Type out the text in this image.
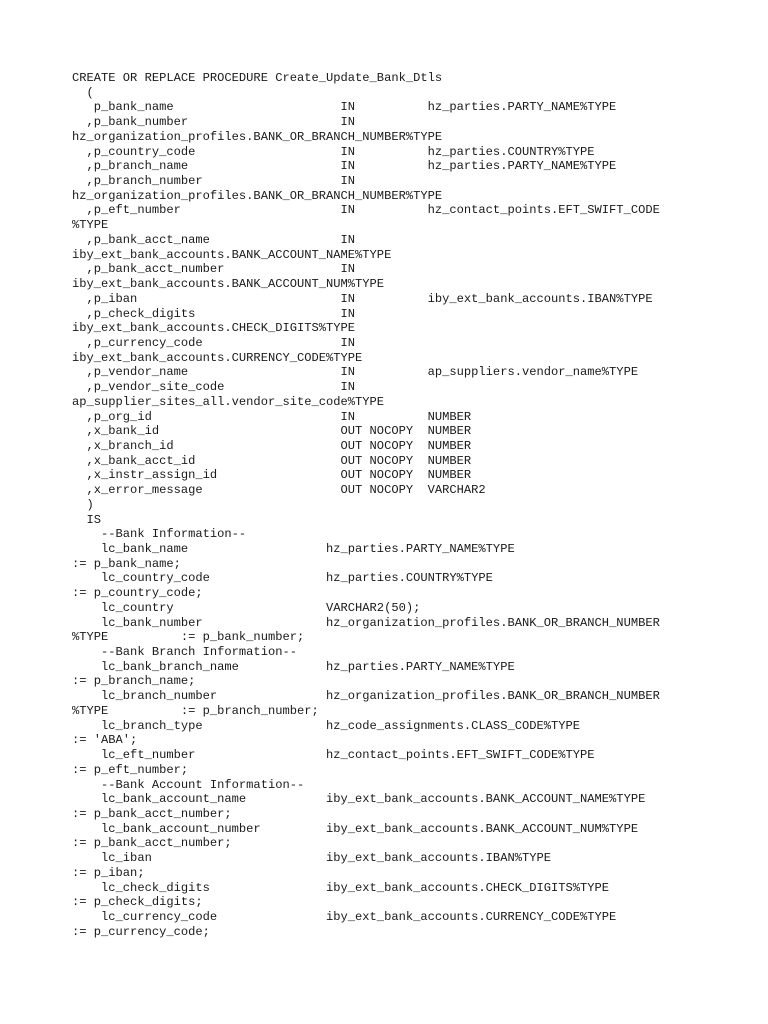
CREATE OR REPLACE PROCEDURE Create_Update_Bank_Dtls
(
p_bank_name                       IN          hz_parties.PARTY_NAME%TYPE
,p_bank_number                     IN
hz_organization_profiles.BANK_OR_BRANCH_NUMBER%TYPE
,p_country_code                    IN          hz_parties.COUNTRY%TYPE
,p_branch_name                     IN          hz_parties.PARTY_NAME%TYPE
,p_branch_number                   IN
hz_organization_profiles.BANK_OR_BRANCH_NUMBER%TYPE
,p_eft_number                      IN          hz_contact_points.EFT_SWIFT_CODE
%TYPE
,p_bank_acct_name                  IN
iby_ext_bank_accounts.BANK_ACCOUNT_NAME%TYPE
,p_bank_acct_number                IN
iby_ext_bank_accounts.BANK_ACCOUNT_NUM%TYPE
,p_iban                            IN          iby_ext_bank_accounts.IBAN%TYPE
,p_check_digits                    IN
iby_ext_bank_accounts.CHECK_DIGITS%TYPE
,p_currency_code                   IN
iby_ext_bank_accounts.CURRENCY_CODE%TYPE
,p_vendor_name                     IN          ap_suppliers.vendor_name%TYPE
,p_vendor_site_code                IN
ap_supplier_sites_all.vendor_site_code%TYPE
,p_org_id                          IN          NUMBER
,x_bank_id                         OUT NOCOPY  NUMBER
,x_branch_id                       OUT NOCOPY  NUMBER
,x_bank_acct_id                    OUT NOCOPY  NUMBER
,x_instr_assign_id                 OUT NOCOPY  NUMBER
,x_error_message                   OUT NOCOPY  VARCHAR2
)
IS
--Bank Information--
lc_bank_name                   hz_parties.PARTY_NAME%TYPE
:= p_bank_name;
lc_country_code                hz_parties.COUNTRY%TYPE
:= p_country_code;
lc_country                     VARCHAR2(50);
lc_bank_number                 hz_organization_profiles.BANK_OR_BRANCH_NUMBER
%TYPE          := p_bank_number;
--Bank Branch Information--
lc_bank_branch_name            hz_parties.PARTY_NAME%TYPE
:= p_branch_name;
lc_branch_number               hz_organization_profiles.BANK_OR_BRANCH_NUMBER
%TYPE          := p_branch_number;
lc_branch_type                 hz_code_assignments.CLASS_CODE%TYPE
:= 'ABA';
lc_eft_number                  hz_contact_points.EFT_SWIFT_CODE%TYPE
:= p_eft_number;
--Bank Account Information--
lc_bank_account_name           iby_ext_bank_accounts.BANK_ACCOUNT_NAME%TYPE
:= p_bank_acct_number;
lc_bank_account_number         iby_ext_bank_accounts.BANK_ACCOUNT_NUM%TYPE
:= p_bank_acct_number;
lc_iban                        iby_ext_bank_accounts.IBAN%TYPE
:= p_iban;
lc_check_digits                iby_ext_bank_accounts.CHECK_DIGITS%TYPE
:= p_check_digits;
lc_currency_code               iby_ext_bank_accounts.CURRENCY_CODE%TYPE
:= p_currency_code;
